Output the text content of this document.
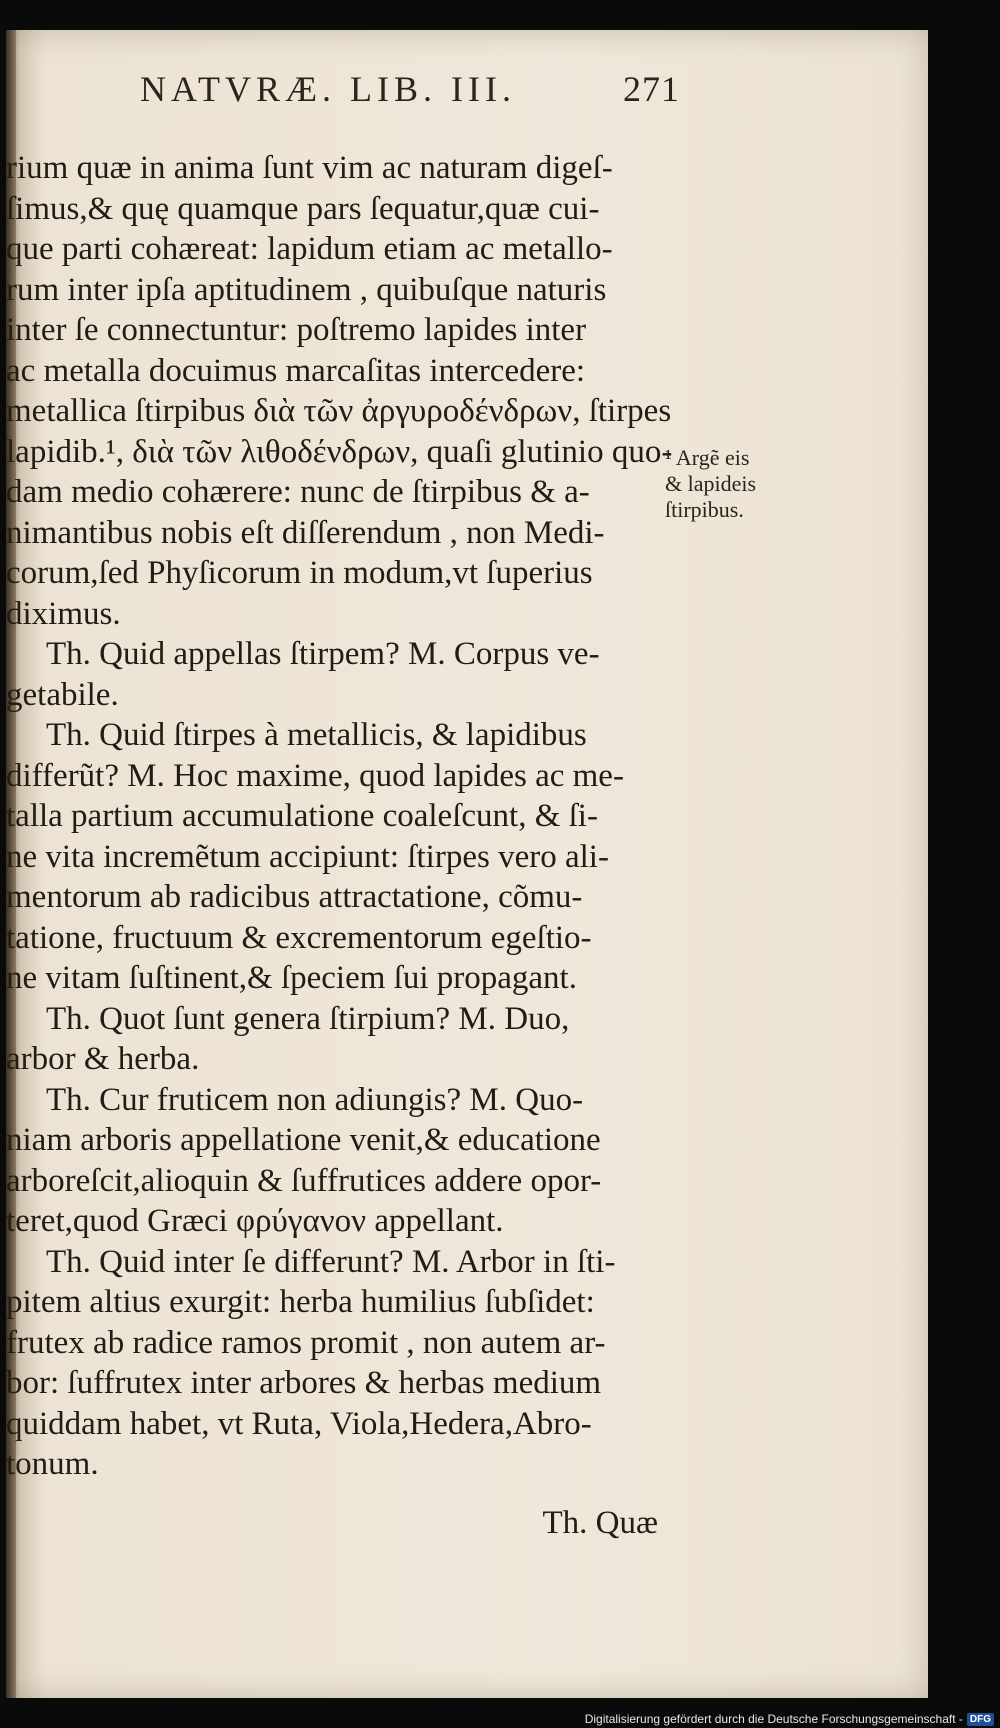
NATVRÆ. LIB. III.	271
rium quæ in anima ſunt vim ac naturam digeſ-
ſimus,& quę quamque pars ſequatur,quæ cui-
que parti cohæreat: lapidum etiam ac metallo-
rum inter ipſa aptitudinem , quibuſque naturis
inter ſe connectuntur: poſtremo lapides inter
ac metalla docuimus marcaſitas intercedere:
metallica ſtirpibus διὰ τῶν ἀργυροδένδρων, ſtirpes
lapidib.¹, διὰ τῶν λιθοδένδρων, quaſi glutinio quo-
dam medio cohærere: nunc de ſtirpibus & a-
nimantibus nobis eſt diſſerendum , non Medi-
corum,ſed Phyſicorum in modum,vt ſuperius
diximus.
Th. Quid appellas ſtirpem? M. Corpus ve-
getabile.
Th. Quid ſtirpes à metallicis, & lapidibus
differũt? M. Hoc maxime, quod lapides ac me-
talla partium accumulatione coaleſcunt, & ſi-
ne vita incremẽtum accipiunt: ſtirpes vero ali-
mentorum ab radicibus attractatione, cõmu-
tatione, fructuum & excrementorum egeſtio-
ne vitam ſuſtinent,& ſpeciem ſui propagant.
Th. Quot ſunt genera ſtirpium? M. Duo,
arbor & herba.
Th. Cur fruticem non adiungis? M. Quo-
niam arboris appellatione venit,& educatione
arboreſcit,alioquin & ſuffrutices addere opor-
teret,quod Græci φρύγανον appellant.
Th. Quid inter ſe differunt? M. Arbor in ſti-
pitem altius exurgit: herba humilius ſubſidet:
frutex ab radice ramos promit , non autem ar-
bor: ſuffrutex inter arbores & herbas medium
quiddam habet, vt Ruta, Viola,Hedera,Abro-
tonum.
Th. Quæ
¹ Argẽ eis
& lapideis
ſtirpibus.
Digitalisierung gefördert durch die Deutsche Forschungsgemeinschaft - DFG
